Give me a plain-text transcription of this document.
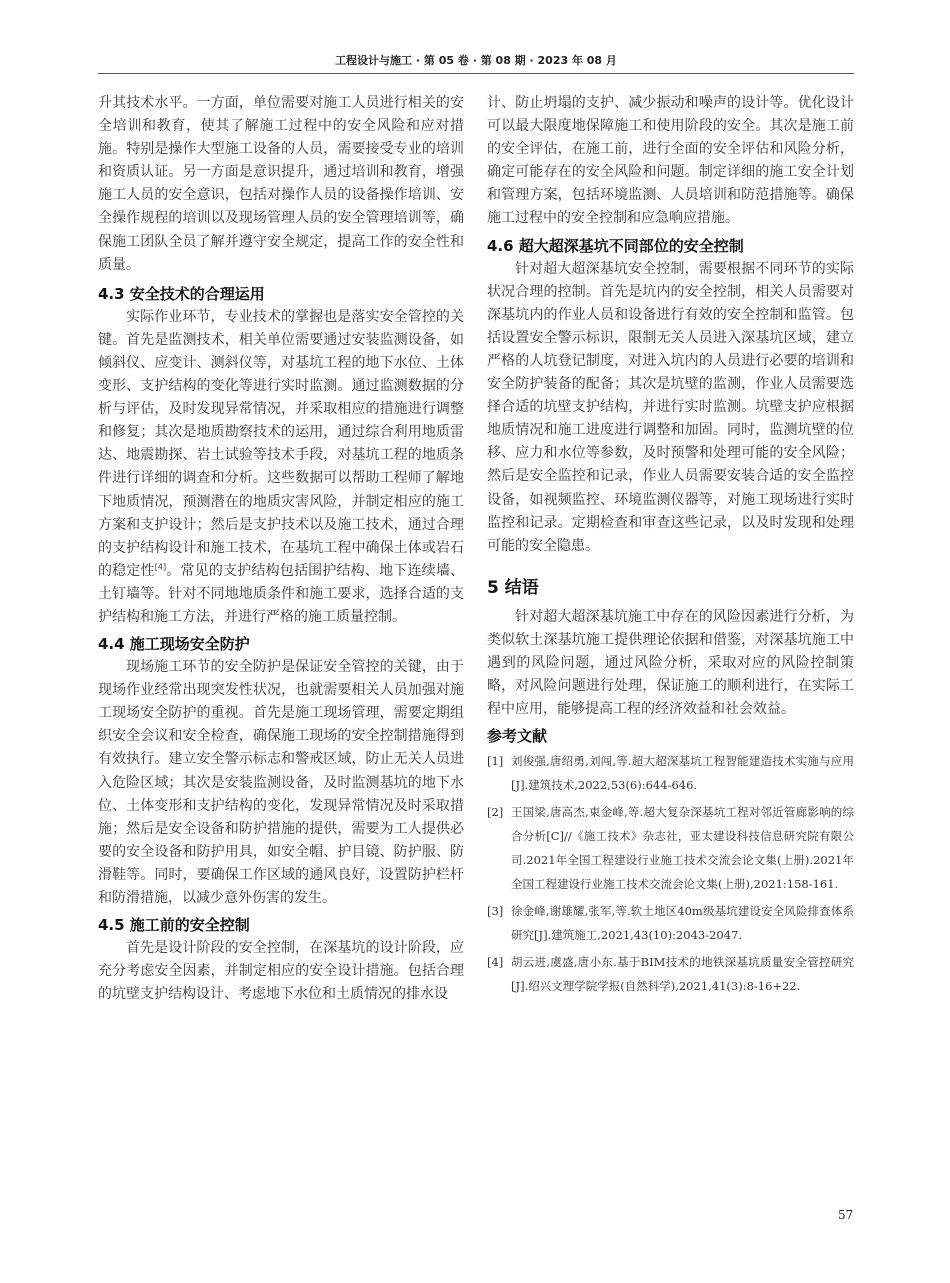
工程设计与施工 · 第 05 卷 · 第 08 期 · 2023 年 08 月

升其技术水平。一方面，单位需要对施工人员进行相关的安全培训和教育，使其了解施工过程中的安全风险和应对措施。特别是操作大型施工设备的人员，需要接受专业的培训和资质认证。另一方面是意识提升，通过培训和教育，增强施工人员的安全意识，包括对操作人员的设备操作培训、安全操作规程的培训以及现场管理人员的安全管理培训等，确保施工团队全员了解并遵守安全规定，提高工作的安全性和质量。

4.3 安全技术的合理运用

实际作业环节，专业技术的掌握也是落实安全管控的关键。首先是监测技术，相关单位需要通过安装监测设备，如倾斜仪、应变计、测斜仪等，对基坑工程的地下水位、土体变形、支护结构的变化等进行实时监测。通过监测数据的分析与评估，及时发现异常情况，并采取相应的措施进行调整和修复；其次是地质勘察技术的运用，通过综合利用地质雷达、地震勘探、岩土试验等技术手段，对基坑工程的地质条件进行详细的调查和分析。这些数据可以帮助工程师了解地下地质情况，预测潜在的地质灾害风险，并制定相应的施工方案和支护设计；然后是支护技术以及施工技术，通过合理的支护结构设计和施工技术，在基坑工程中确保土体或岩石的稳定性[4]。常见的支护结构包括围护结构、地下连续墙、土钉墙等。针对不同地地质条件和施工要求，选择合适的支护结构和施工方法，并进行严格的施工质量控制。

4.4 施工现场安全防护

现场施工环节的安全防护是保证安全管控的关键，由于现场作业经常出现突发性状况，也就需要相关人员加强对施工现场安全防护的重视。首先是施工现场管理，需要定期组织安全会议和安全检查，确保施工现场的安全控制措施得到有效执行。建立安全警示标志和警戒区域，防止无关人员进入危险区域；其次是安装监测设备，及时监测基坑的地下水位、土体变形和支护结构的变化，发现异常情况及时采取措施；然后是安全设备和防护措施的提供，需要为工人提供必要的安全设备和防护用具，如安全帽、护目镜、防护服、防滑鞋等。同时，要确保工作区域的通风良好，设置防护栏杆和防滑措施，以减少意外伤害的发生。

4.5 施工前的安全控制

首先是设计阶段的安全控制，在深基坑的设计阶段，应充分考虑安全因素，并制定相应的安全设计措施。包括合理的坑壁支护结构设计、考虑地下水位和土质情况的排水设

计、防止坍塌的支护、减少振动和噪声的设计等。优化设计可以最大限度地保障施工和使用阶段的安全。其次是施工前的安全评估，在施工前，进行全面的安全评估和风险分析，确定可能存在的安全风险和问题。制定详细的施工安全计划和管理方案，包括环境监测、人员培训和防范措施等。确保施工过程中的安全控制和应急响应措施。

4.6 超大超深基坑不同部位的安全控制

针对超大超深基坑安全控制，需要根据不同环节的实际状况合理的控制。首先是坑内的安全控制，相关人员需要对深基坑内的作业人员和设备进行有效的安全控制和监管。包括设置安全警示标识，限制无关人员进入深基坑区域，建立严格的人坑登记制度，对进入坑内的人员进行必要的培训和安全防护装备的配备；其次是坑壁的监测，作业人员需要选择合适的坑壁支护结构，并进行实时监测。坑壁支护应根据地质情况和施工进度进行调整和加固。同时，监测坑壁的位移、应力和水位等参数，及时预警和处理可能的安全风险；然后是安全监控和记录，作业人员需要安装合适的安全监控设备，如视频监控、环境监测仪器等，对施工现场进行实时监控和记录。定期检查和审查这些记录，以及时发现和处理可能的安全隐患。

5 结语

针对超大超深基坑施工中存在的风险因素进行分析，为类似软土深基坑施工提供理论依据和借鉴，对深基坑施工中遇到的风险问题，通过风险分析，采取对应的风险控制策略，对风险问题进行处理，保证施工的顺利进行，在实际工程中应用，能够提高工程的经济效益和社会效益。

参考文献
[1] 刘俊强,唐绍勇,刘闯,等.超大超深基坑工程智能建造技术实施与应用[J].建筑技术,2022,53(6):644-646.
[2] 王国梁,唐高杰,束金峰,等.超大复杂深基坑工程对邻近管廊影响的综合分析[C]//《施工技术》杂志社，亚太建设科技信息研究院有限公司.2021年全国工程建设行业施工技术交流会论文集(上册).2021年全国工程建设行业施工技术交流会论文集(上册),2021:158-161.
[3] 徐金峰,谢雄耀,张军,等.软土地区40m级基坑建设安全风险排查体系研究[J].建筑施工,2021,43(10):2043-2047.
[4] 胡云进,虞盛,唐小东.基于BIM技术的地铁深基坑质量安全管控研究[J].绍兴文理学院学报(自然科学),2021,41(3):8-16+22.
57
